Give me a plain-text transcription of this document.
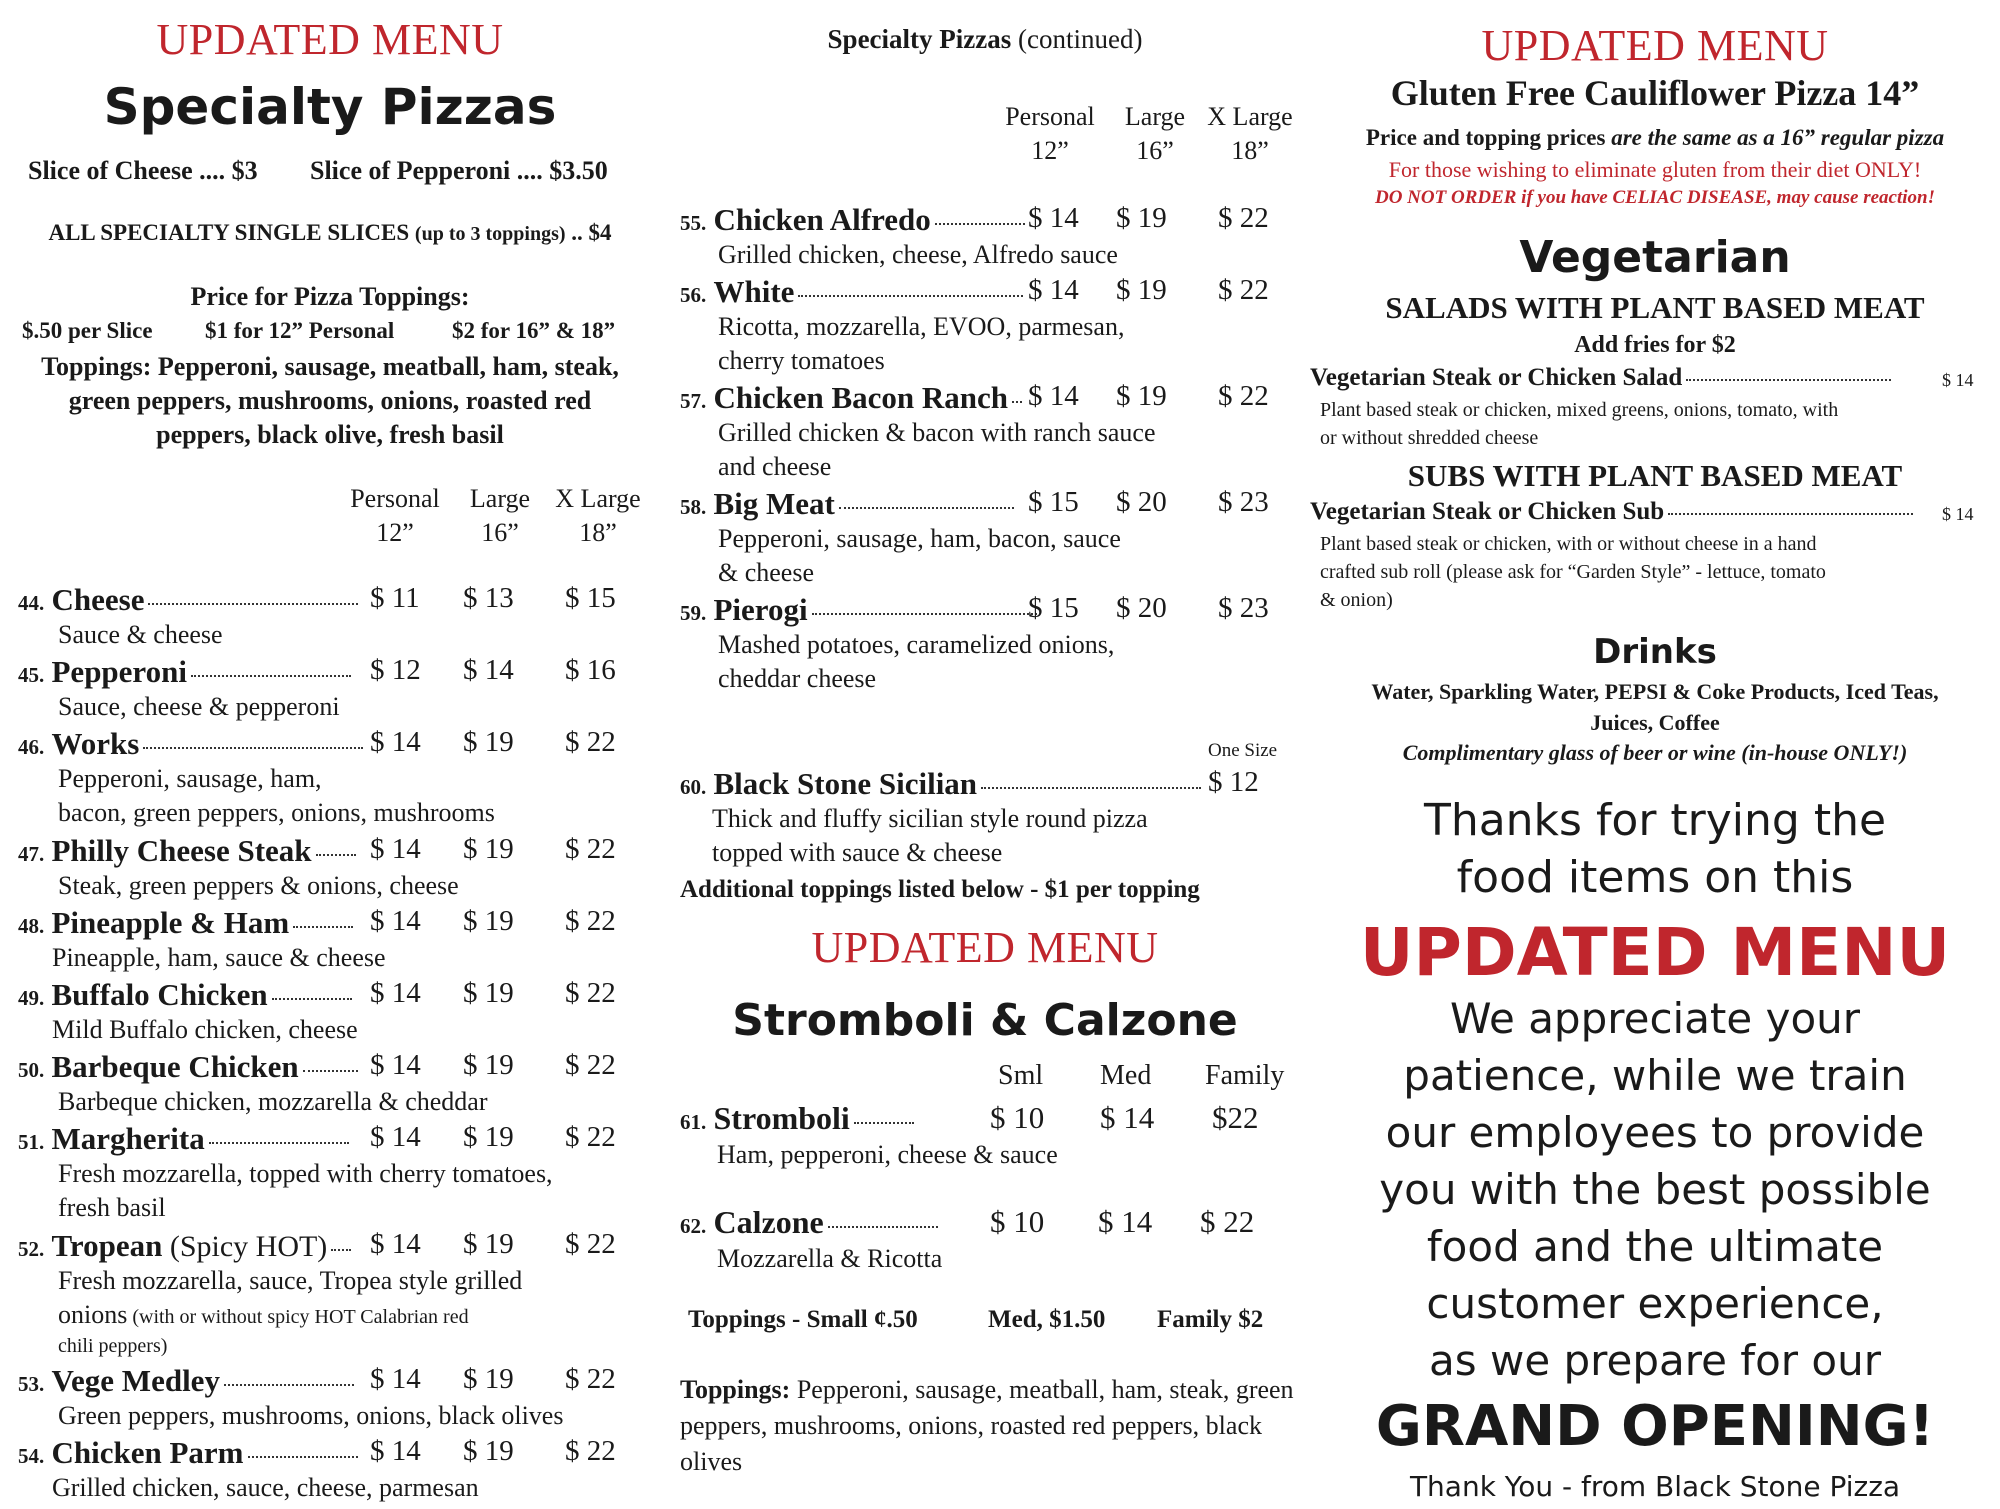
UPDATED MENU
Specialty Pizzas
Slice of Cheese .... $3 Slice of Pepperoni .... $3.50
ALL SPECIALTY SINGLE SLICES (up to 3 toppings) .. $4
Price for Pizza Toppings:
$.50 per Slice $1 for 12” Personal	$2 for 16” & 18”
Toppings: Pepperoni, sausage, meatball, ham, steak, green peppers, mushrooms, onions, roasted red peppers, black olive, fresh basil
Personal
12”
Large
16”
X Large
18”
44. Cheese	$ 11 $ 13 $ 15
Sauce & cheese
45. Pepperoni	$ 12 $ 14 $ 16
Sauce, cheese & pepperoni
46. Works	$ 14 $ 19 $ 22
Pepperoni, sausage, ham,
bacon, green peppers, onions, mushrooms
47. Philly Cheese Steak	$ 14 $ 19 $ 22
Steak, green peppers & onions, cheese
48. Pineapple & Ham	$ 14 $ 19 $ 22
Pineapple, ham, sauce & cheese
49. Buffalo Chicken	$ 14 $ 19 $ 22
Mild Buffalo chicken, cheese
50. Barbeque Chicken	$ 14 $ 19 $ 22
Barbeque chicken, mozzarella & cheddar
51. Margherita	$ 14 $ 19 $ 22
Fresh mozzarella, topped with cherry tomatoes,
fresh basil
52. Tropean (Spicy HOT)	$ 14 $ 19 $ 22
Fresh mozzarella, sauce, Tropea style grilled
onions (with or without spicy HOT Calabrian red
chili peppers)
53. Vege Medley	$ 14 $ 19 $ 22
Green peppers, mushrooms, onions, black olives
54. Chicken Parm	$ 14 $ 19 $ 22
Grilled chicken, sauce, cheese, parmesan
Specialty Pizzas (continued)
Personal
12”
Large
16”
X Large
18”
55. Chicken Alfredo	$ 14 $ 19 $ 22
Grilled chicken, cheese, Alfredo sauce
56. White	$ 14 $ 19 $ 22
Ricotta, mozzarella, EVOO, parmesan,
cherry tomatoes
57. Chicken Bacon Ranch $ 14 $ 19 $ 22
Grilled chicken & bacon with ranch sauce
and cheese
58. Big Meat	$ 15 $ 20 $ 23
Pepperoni, sausage, ham, bacon, sauce
& cheese
59. Pierogi	$ 15 $ 20 $ 23
Mashed potatoes, caramelized onions,
cheddar cheese
One Size
60. Black Stone Sicilian	$ 12
Thick and fluffy sicilian style round pizza
topped with sauce & cheese
Additional toppings listed below - $1 per topping
UPDATED MENU
Stromboli & Calzone
Sml Med Family
61. Stromboli	$ 10 $ 14 $22
Ham, pepperoni, cheese & sauce
62. Calzone	$ 10 $ 14 $ 22
Mozzarella & Ricotta
Toppings - Small ¢.50	Med, $1.50 Family $2
Toppings: Pepperoni, sausage, meatball, ham, steak, green peppers, mushrooms, onions, roasted red peppers, black olives
UPDATED MENU
Gluten Free Cauliflower Pizza 14”
Price and topping prices are the same as a 16” regular pizza
For those wishing to eliminate gluten from their diet ONLY!
DO NOT ORDER if you have CELIAC DISEASE, may cause reaction!
Vegetarian
SALADS WITH PLANT BASED MEAT
Add fries for $2
Vegetarian Steak or Chicken Salad	$ 14
Plant based steak or chicken, mixed greens, onions, tomato, with
or without shredded cheese
SUBS WITH PLANT BASED MEAT
Vegetarian Steak or Chicken Sub	$ 14
Plant based steak or chicken, with or without cheese in a hand
crafted sub roll (please ask for “Garden Style” - lettuce, tomato
& onion)
Drinks
Water, Sparkling Water, PEPSI & Coke Products, Iced Teas,
Juices, Coffee
Complimentary glass of beer or wine (in-house ONLY!)
Thanks for trying the
food items on this
UPDATED MENU
We appreciate your
patience, while we train
our employees to provide
you with the best possible
food and the ultimate
customer experience,
as we prepare for our
GRAND OPENING!
Thank You - from Black Stone Pizza
